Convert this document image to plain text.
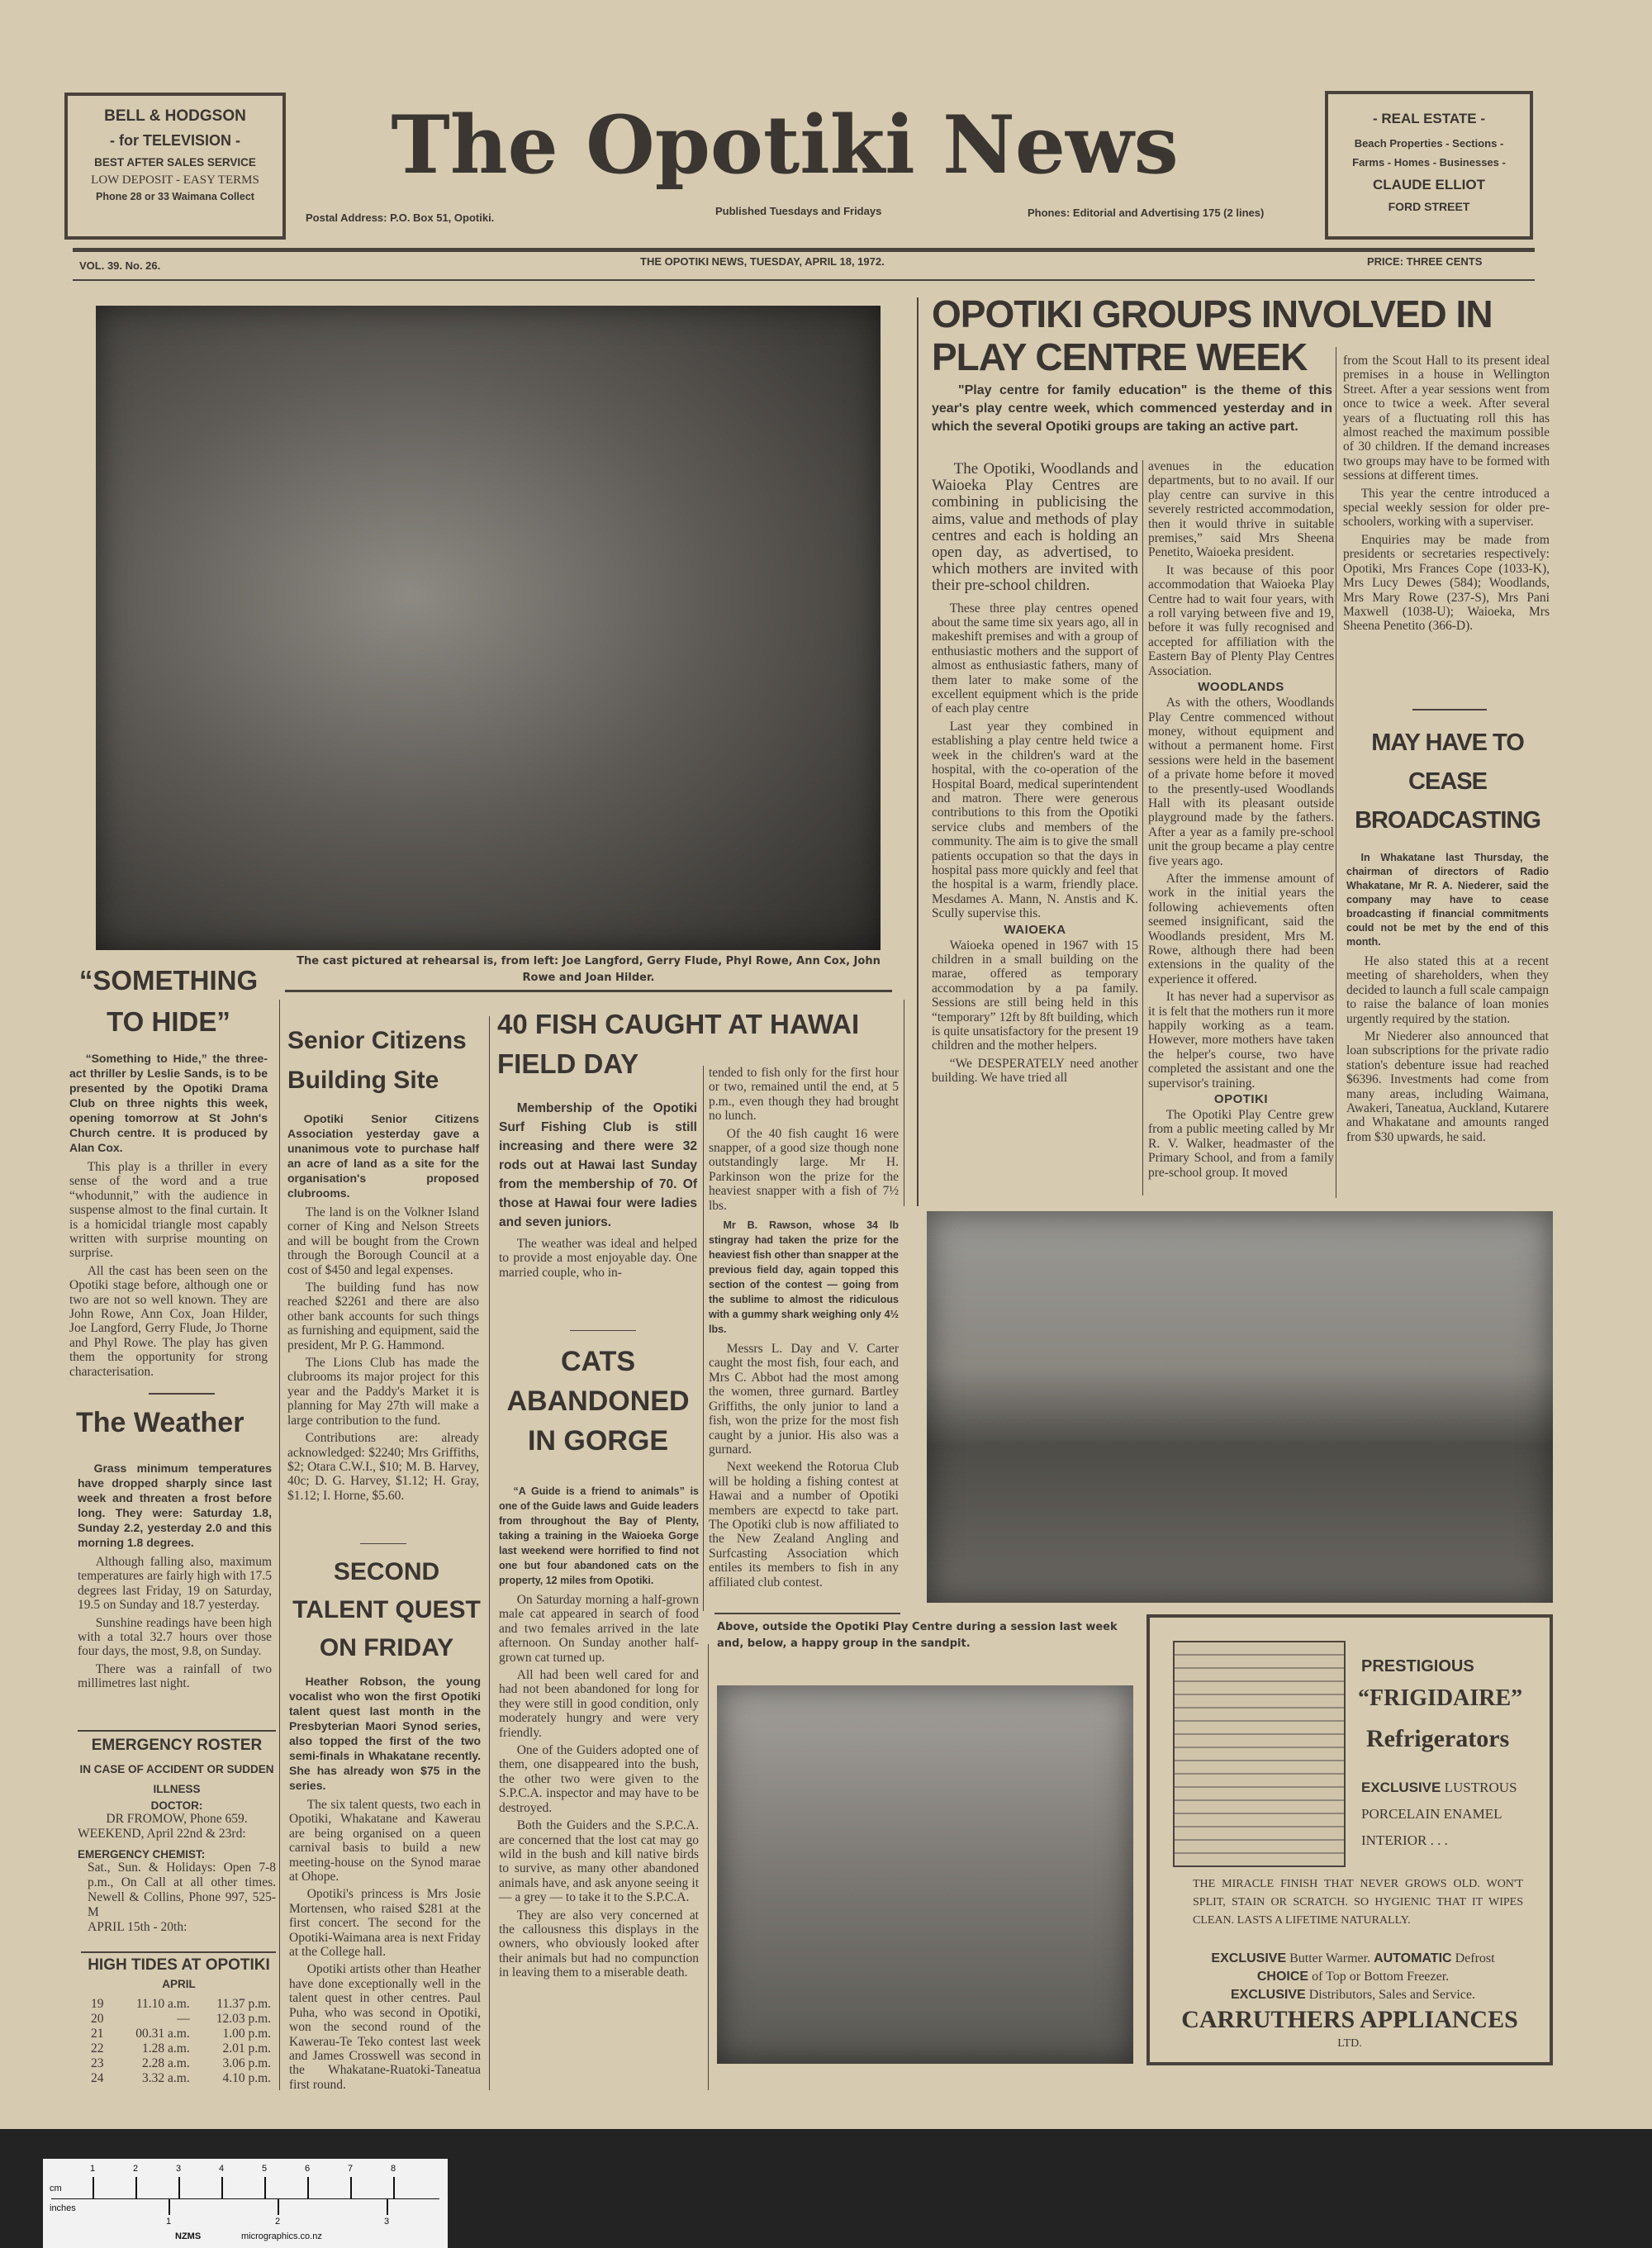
BELL & HODGSON
- for TELEVISION -
BEST AFTER SALES SERVICE
LOW DEPOSIT - EASY TERMS
Phone 28 or 33 Waimana Collect
The Opotiki News
Postal Address: P.O. Box 51, Opotiki.
Published Tuesdays and Fridays	Phones: Editorial and Advertising 175 (2 lines)
- REAL ESTATE -
Beach Properties - Sections -
Farms - Homes - Businesses -
CLAUDE ELLIOT
FORD STREET
VOL. 39. No. 26.	THE OPOTIKI NEWS, TUESDAY, APRIL 18, 1972.	PRICE: THREE CENTS
The cast pictured at rehearsal is, from left: Joe Langford, Gerry Flude, Phyl Rowe, Ann Cox, John Rowe and Joan Hilder.
OPOTIKI GROUPS INVOLVED IN PLAY CENTRE WEEK
"Play centre for family education" is the theme of this year's play centre week, which commenced yesterday and in which the several Opotiki groups are taking an active part.

The Opotiki, Woodlands and Waioeka Play Centres are combining in publicising the aims, value and methods of play centres and each is holding an open day, as advertised, to which mothers are invited with their pre-school children.

These three play centres opened about the same time six years ago, all in makeshift premises and with a group of enthusiastic mothers and the support of almost as enthusiastic fathers, many of them later to make some of the excellent equipment which is the pride of each play centre

Last year they combined in establishing a play centre held twice a week in the children's ward at the hospital, with the co-operation of the Hospital Board, medical superintendent and matron. There were generous contributions to this from the Opotiki service clubs and members of the community. The aim is to give the small patients occupation so that the days in hospital pass more quickly and feel that the hospital is a warm, friendly place. Mesdames A. Mann, N. Anstis and K. Scully supervise this.

WAIOEKA

Waioeka opened in 1967 with 15 children in a small building on the marae, offered as temporary accommodation by a pa family. Sessions are still being held in this “temporary” 12ft by 8ft building, which is quite unsatisfactory for the present 19 children and the mother helpers.

“We DESPERATELY need another building. We have tried all

avenues in the education departments, but to no avail. If our play centre can survive in this severely restricted accommodation, then it would thrive in suitable premises,” said Mrs Sheena Penetito, Waioeka president.

It was because of this poor accommodation that Waioeka Play Centre had to wait four years, with a roll varying between five and 19, before it was fully recognised and accepted for affiliation with the Eastern Bay of Plenty Play Centres Association.

WOODLANDS

As with the others, Woodlands Play Centre commenced without money, without equipment and without a permanent home. First sessions were held in the basement of a private home before it moved to the presently-used Woodlands Hall with its pleasant outside playground made by the fathers. After a year as a family pre-school unit the group became a play centre five years ago.

After the immense amount of work in the initial years the following achievements often seemed insignificant, said the Woodlands president, Mrs M. Rowe, although there had been extensions in the quality of the experience it offered.

It has never had a supervisor as it is felt that the mothers run it more happily working as a team. However, more mothers have taken the helper's course, two have completed the assistant and one the supervisor's training.

OPOTIKI

The Opotiki Play Centre grew from a public meeting called by Mr R. V. Walker, headmaster of the Primary School, and from a family pre-school group. It moved

from the Scout Hall to its present ideal premises in a house in Wellington Street. After a year sessions went from once to twice a week. After several years of a fluctuating roll this has almost reached the maximum possible of 30 children. If the demand increases two groups may have to be formed with sessions at different times.

This year the centre introduced a special weekly session for older pre-schoolers, working with a superviser.

Enquiries may be made from presidents or secretaries respectively: Opotiki, Mrs Frances Cope (1033-K), Mrs Lucy Dewes (584); Woodlands, Mrs Mary Rowe (237-S), Mrs Pani Maxwell (1038-U); Waioeka, Mrs Sheena Penetito (366-D).

MAY HAVE TO CEASE BROADCASTING

In Whakatane last Thursday, the chairman of directors of Radio Whakatane, Mr R. A. Niederer, said the company may have to cease broadcasting if financial commitments could not be met by the end of this month.

He also stated this at a recent meeting of shareholders, when they decided to launch a full scale campaign to raise the balance of loan monies urgently required by the station.

Mr Niederer also announced that loan subscriptions for the private radio station's debenture issue had reached $6396. Investments had come from many areas, including Waimana, Awakeri, Taneatua, Auckland, Kutarere and Whakatane and amounts ranged from $30 upwards, he said.

Above, outside the Opotiki Play Centre during a session last week and, below, a happy group in the sandpit.
PRESTIGIOUS
“FRIGIDAIRE”
Refrigerators
EXCLUSIVE LUSTROUS PORCELAIN ENAMEL INTERIOR . . .
THE MIRACLE FINISH THAT NEVER GROWS OLD. WON'T SPLIT, STAIN OR SCRATCH. SO HYGIENIC THAT IT WIPES CLEAN. LASTS A LIFETIME NATURALLY.
EXCLUSIVE Butter Warmer. AUTOMATIC Defrost
CHOICE of Top or Bottom Freezer.
EXCLUSIVE Distributors, Sales and Service.
CARRUTHERS APPLIANCES
LTD.
“SOMETHING TO HIDE”

“Something to Hide,” the three-act thriller by Leslie Sands, is to be presented by the Opotiki Drama Club on three nights this week, opening tomorrow at St John's Church centre. It is produced by Alan Cox.

This play is a thriller in every sense of the word and a true “whodunnit,” with the audience in suspense almost to the final curtain. It is a homicidal triangle most capably written with surprise mounting on surprise.

All the cast has been seen on the Opotiki stage before, although one or two are not so well known. They are John Rowe, Ann Cox, Joan Hilder, Joe Langford, Gerry Flude, Jo Thorne and Phyl Rowe. The play has given them the opportunity for strong characterisation.

The Weather

Grass minimum temperatures have dropped sharply since last week and threaten a frost before long. They were: Saturday 1.8, Sunday 2.2, yesterday 2.0 and this morning 1.8 degrees.

Although falling also, maximum temperatures are fairly high with 17.5 degrees last Friday, 19 on Saturday, 19.5 on Sunday and 18.7 yesterday.

Sunshine readings have been high with a total 32.7 hours over those four days, the most, 9.8, on Sunday.

There was a rainfall of two millimetres last night.

EMERGENCY ROSTER
IN CASE OF ACCIDENT OR SUDDEN ILLNESS
DOCTOR:
DR FROMOW, Phone 659.
WEEKEND, April 22nd & 23rd:
EMERGENCY CHEMIST:
Sat., Sun. & Holidays: Open 7-8 p.m., On Call at all other times. Newell & Collins, Phone 997, 525-M
APRIL 15th - 20th:
HIGH TIDES AT OPOTIKI
APRIL
19	11.10 a.m.	11.37 p.m.
20	—	12.03 p.m.
21	00.31 a.m.	1.00 p.m.
22	1.28 a.m.	2.01 p.m.
23	2.28 a.m.	3.06 p.m.
24	3.32 a.m.	4.10 p.m.
Senior Citizens Building Site

Opotiki Senior Citizens Association yesterday gave a unanimous vote to purchase half an acre of land as a site for the organisation's proposed clubrooms.

The land is on the Volkner Island corner of King and Nelson Streets and will be bought from the Crown through the Borough Council at a cost of $450 and legal expenses.

The building fund has now reached $2261 and there are also other bank accounts for such things as furnishing and equipment, said the president, Mr P. G. Hammond.

The Lions Club has made the clubrooms its major project for this year and the Paddy's Market it is planning for May 27th will make a large contribution to the fund.

Contributions are: already acknowledged: $2240; Mrs Griffiths, $2; Otara C.W.I., $10; M. B. Harvey, 40c; D. G. Harvey, $1.12; H. Gray, $1.12; I. Horne, $5.60.

SECOND TALENT QUEST ON FRIDAY

Heather Robson, the young vocalist who won the first Opotiki talent quest last month in the Presbyterian Maori Synod series, also topped the first of the two semi-finals in Whakatane recently. She has already won $75 in the series.

The six talent quests, two each in Opotiki, Whakatane and Kawerau are being organised on a queen carnival basis to build a new meeting-house on the Synod marae at Ohope.

Opotiki's princess is Mrs Josie Mortensen, who raised $281 at the first concert. The second for the Opotiki-Waimana area is next Friday at the College hall.

Opotiki artists other than Heather have done exceptionally well in the talent quest in other centres. Paul Puha, who was second in Opotiki, won the second round of the Kawerau-Te Teko contest last week and James Crosswell was second in the Whakatane-Ruatoki-Taneatua first round.

40 FISH CAUGHT AT HAWAI FIELD DAY

Membership of the Opotiki Surf Fishing Club is still increasing and there were 32 rods out at Hawai last Sunday from the membership of 70. Of those at Hawai four were ladies and seven juniors.

The weather was ideal and helped to provide a most enjoyable day. One married couple, who in-

tended to fish only for the first hour or two, remained until the end, at 5 p.m., even though they had brought no lunch.

Of the 40 fish caught 16 were snapper, of a good size though none outstandingly large. Mr H. Parkinson won the prize for the heaviest snapper with a fish of 7½ lbs.

Mr B. Rawson, whose 34 lb stingray had taken the prize for the heaviest fish other than snapper at the previous field day, again topped this section of the contest — going from the sublime to almost the ridiculous with a gummy shark weighing only 4½ lbs.

Messrs L. Day and V. Carter caught the most fish, four each, and Mrs C. Abbot had the most among the women, three gurnard. Bartley Griffiths, the only junior to land a fish, won the prize for the most fish caught by a junior. His also was a gurnard.

Next weekend the Rotorua Club will be holding a fishing contest at Hawai and a number of Opotiki members are expectd to take part. The Opotiki club is now affiliated to the New Zealand Angling and Surfcasting Association which entiles its members to fish in any affiliated club contest.

CATS ABANDONED IN GORGE

“A Guide is a friend to animals” is one of the Guide laws and Guide leaders from throughout the Bay of Plenty, taking a training in the Waioeka Gorge last weekend were horrified to find not one but four abandoned cats on the property, 12 miles from Opotiki.

On Saturday morning a half-grown male cat appeared in search of food and two females arrived in the late afternoon. On Sunday another half-grown cat turned up.

All had been well cared for and had not been abandoned for long for they were still in good condition, only moderately hungry and were very friendly.

One of the Guiders adopted one of them, one disappeared into the bush, the other two were given to the S.P.C.A. inspector and may have to be destroyed.

Both the Guiders and the S.P.C.A. are concerned that the lost cat may go wild in the bush and kill native birds to survive, as many other abandoned animals have, and ask anyone seeing it — a grey — to take it to the S.P.C.A.

They are also very concerned at the callousness this displays in the owners, who obviously looked after their animals but had no compunction in leaving them to a miserable death.

cm
inches
1	2	3	4	5	6	7	8
1	2	3
NZMS	micrographics.co.nz
